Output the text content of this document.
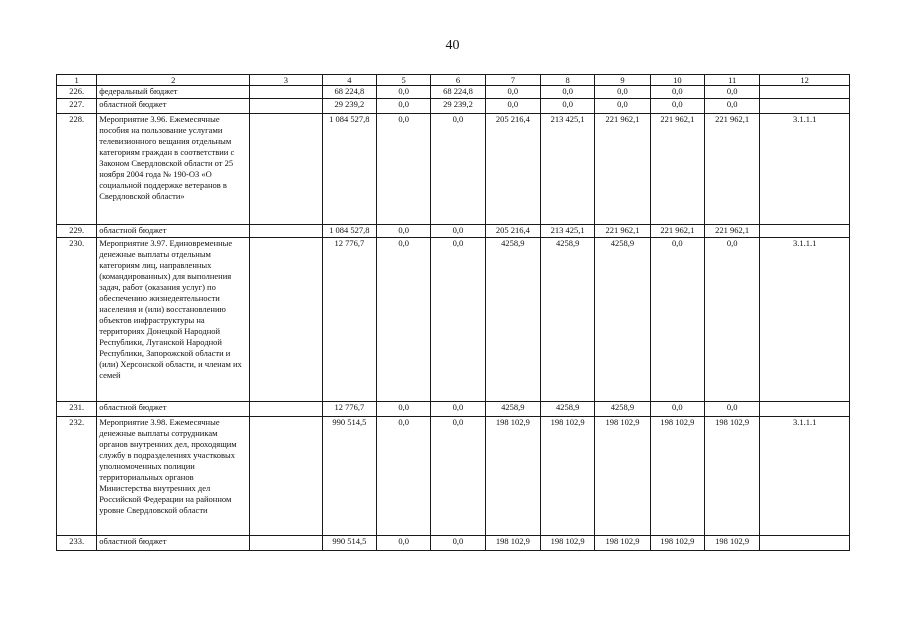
40
1	2	3	4	5	6	7	8	9	10	11	12
226.	федеральный бюджет		68 224,8	0,0	68 224,8	0,0	0,0	0,0	0,0	0,0	
227.	областной бюджет		29 239,2	0,0	29 239,2	0,0	0,0	0,0	0,0	0,0	
228.	Мероприятие 3.96. Ежемесячные пособия на пользование услугами телевизионного вещания отдельным категориям граждан в соответствии с Законом Свердловской области от 25 ноября 2004 года № 190-ОЗ «О социальной поддержке ветеранов в Свердловской области»		1 084 527,8	0,0	0,0	205 216,4	213 425,1	221 962,1	221 962,1	221 962,1	3.1.1.1
229.	областной бюджет		1 084 527,8	0,0	0,0	205 216,4	213 425,1	221 962,1	221 962,1	221 962,1	
230.	Мероприятие 3.97. Единовременные денежные выплаты отдельным категориям лиц, направленных (командированных) для выполнения задач, работ (оказания услуг) по обеспечению жизнедеятельности населения и (или) восстановлению объектов инфраструктуры на территориях Донецкой Народной Республики, Луганской Народной Республики, Запорожской области и (или) Херсонской области, и членам их семей		12 776,7	0,0	0,0	4258,9	4258,9	4258,9	0,0	0,0	3.1.1.1
231.	областной бюджет		12 776,7	0,0	0,0	4258,9	4258,9	4258,9	0,0	0,0	
232.	Мероприятие 3.98. Ежемесячные денежные выплаты сотрудникам органов внутренних дел, проходящим службу в подразделениях участковых уполномоченных полиции территориальных органов Министерства внутренних дел Российской Федерации на районном уровне Свердловской области		990 514,5	0,0	0,0	198 102,9	198 102,9	198 102,9	198 102,9	198 102,9	3.1.1.1
233.	областной бюджет		990 514,5	0,0	0,0	198 102,9	198 102,9	198 102,9	198 102,9	198 102,9	
